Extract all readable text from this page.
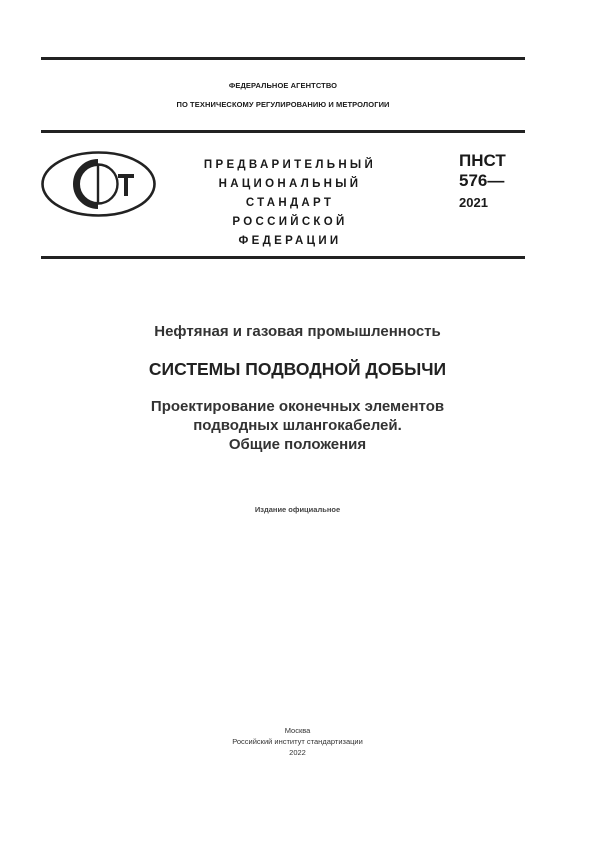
ФЕДЕРАЛЬНОЕ АГЕНТСТВО
ПО ТЕХНИЧЕСКОМУ РЕГУЛИРОВАНИЮ И МЕТРОЛОГИИ
ПРЕДВАРИТЕЛЬНЫЙ
НАЦИОНАЛЬНЫЙ
СТАНДАРТ
РОССИЙСКОЙ
ФЕДЕРАЦИИ
ПНСТ
576—
2021
Нефтяная и газовая промышленность
СИСТЕМЫ ПОДВОДНОЙ ДОБЫЧИ
Проектирование оконечных элементов
подводных шлангокабелей.
Общие положения
Издание официальное
Москва
Российский институт стандартизации
2022
